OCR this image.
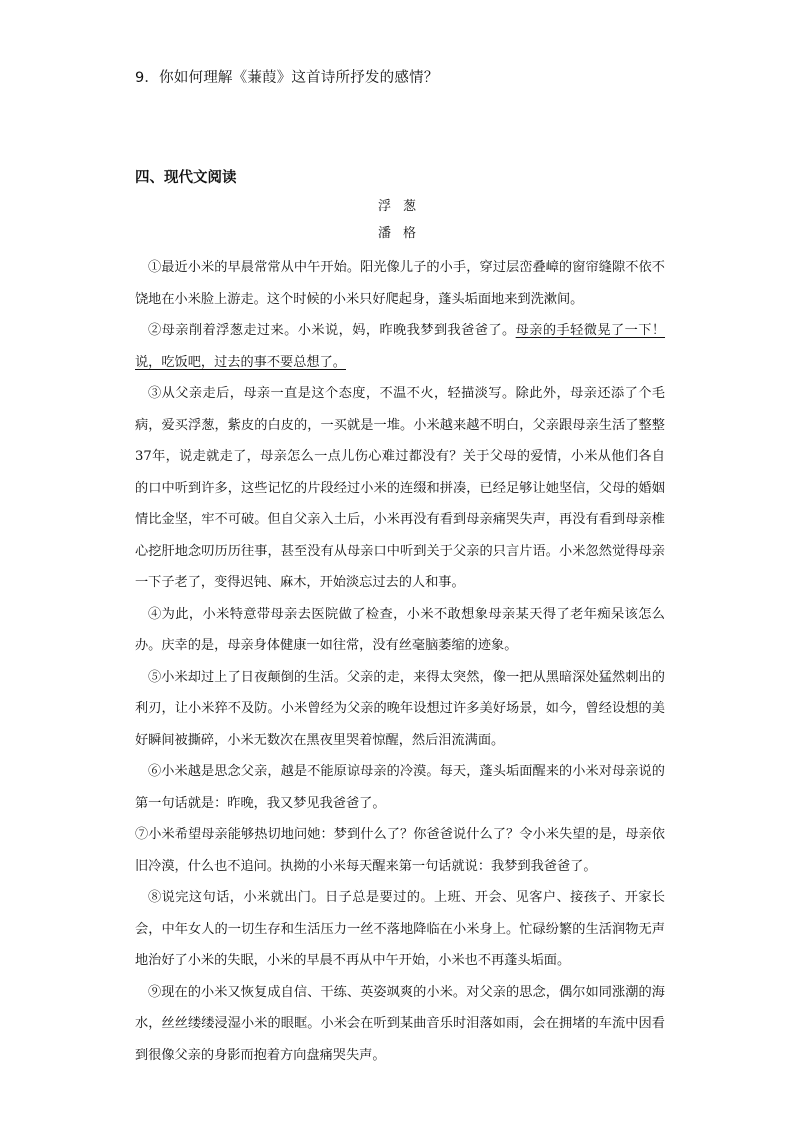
9．你如何理解《蒹葭》这首诗所抒发的感情？
四、现代文阅读
浮葱
潘格

①最近小米的早晨常常从中午开始。阳光像儿子的小手，穿过层峦叠嶂的窗帘缝隙不依不饶地在小米脸上游走。这个时候的小米只好爬起身，蓬头垢面地来到洗漱间。

②母亲削着浮葱走过来。小米说，妈，昨晚我梦到我爸爸了。母亲的手轻微晃了一下！说，吃饭吧，过去的事不要总想了。

③从父亲走后，母亲一直是这个态度，不温不火，轻描淡写。除此外，母亲还添了个毛病，爱买浮葱，紫皮的白皮的，一买就是一堆。小米越来越不明白，父亲跟母亲生活了整整37年，说走就走了，母亲怎么一点儿伤心难过都没有？关于父母的爱情，小米从他们各自的口中听到许多，这些记忆的片段经过小米的连缀和拼凑，已经足够让她坚信，父母的婚姻情比金坚，牢不可破。但自父亲入土后，小米再没有看到母亲痛哭失声，再没有看到母亲椎心挖肝地念叨历历往事，甚至没有从母亲口中听到关于父亲的只言片语。小米忽然觉得母亲一下子老了，变得迟钝、麻木，开始淡忘过去的人和事。

④为此，小米特意带母亲去医院做了检查，小米不敢想象母亲某天得了老年痴呆该怎么办。庆幸的是，母亲身体健康一如往常，没有丝毫脑萎缩的迹象。

⑤小米却过上了日夜颠倒的生活。父亲的走，来得太突然，像一把从黑暗深处猛然刺出的利刃，让小米猝不及防。小米曾经为父亲的晚年设想过许多美好场景，如今，曾经设想的美好瞬间被撕碎，小米无数次在黑夜里哭着惊醒，然后泪流满面。

⑥小米越是思念父亲，越是不能原谅母亲的冷漠。每天，蓬头垢面醒来的小米对母亲说的第一句话就是：昨晚，我又梦见我爸爸了。

⑦小米希望母亲能够热切地问她：梦到什么了？你爸爸说什么了？令小米失望的是，母亲依旧冷漠，什么也不追问。执拗的小米每天醒来第一句话就说：我梦到我爸爸了。

⑧说完这句话，小米就出门。日子总是要过的。上班、开会、见客户、接孩子、开家长会，中年女人的一切生存和生活压力一丝不落地降临在小米身上。忙碌纷繁的生活润物无声地治好了小米的失眠，小米的早晨不再从中午开始，小米也不再蓬头垢面。

⑨现在的小米又恢复成自信、干练、英姿飒爽的小米。对父亲的思念，偶尔如同涨潮的海水，丝丝缕缕浸湿小米的眼眶。小米会在听到某曲音乐时泪落如雨，会在拥堵的车流中因看到很像父亲的身影而抱着方向盘痛哭失声。
